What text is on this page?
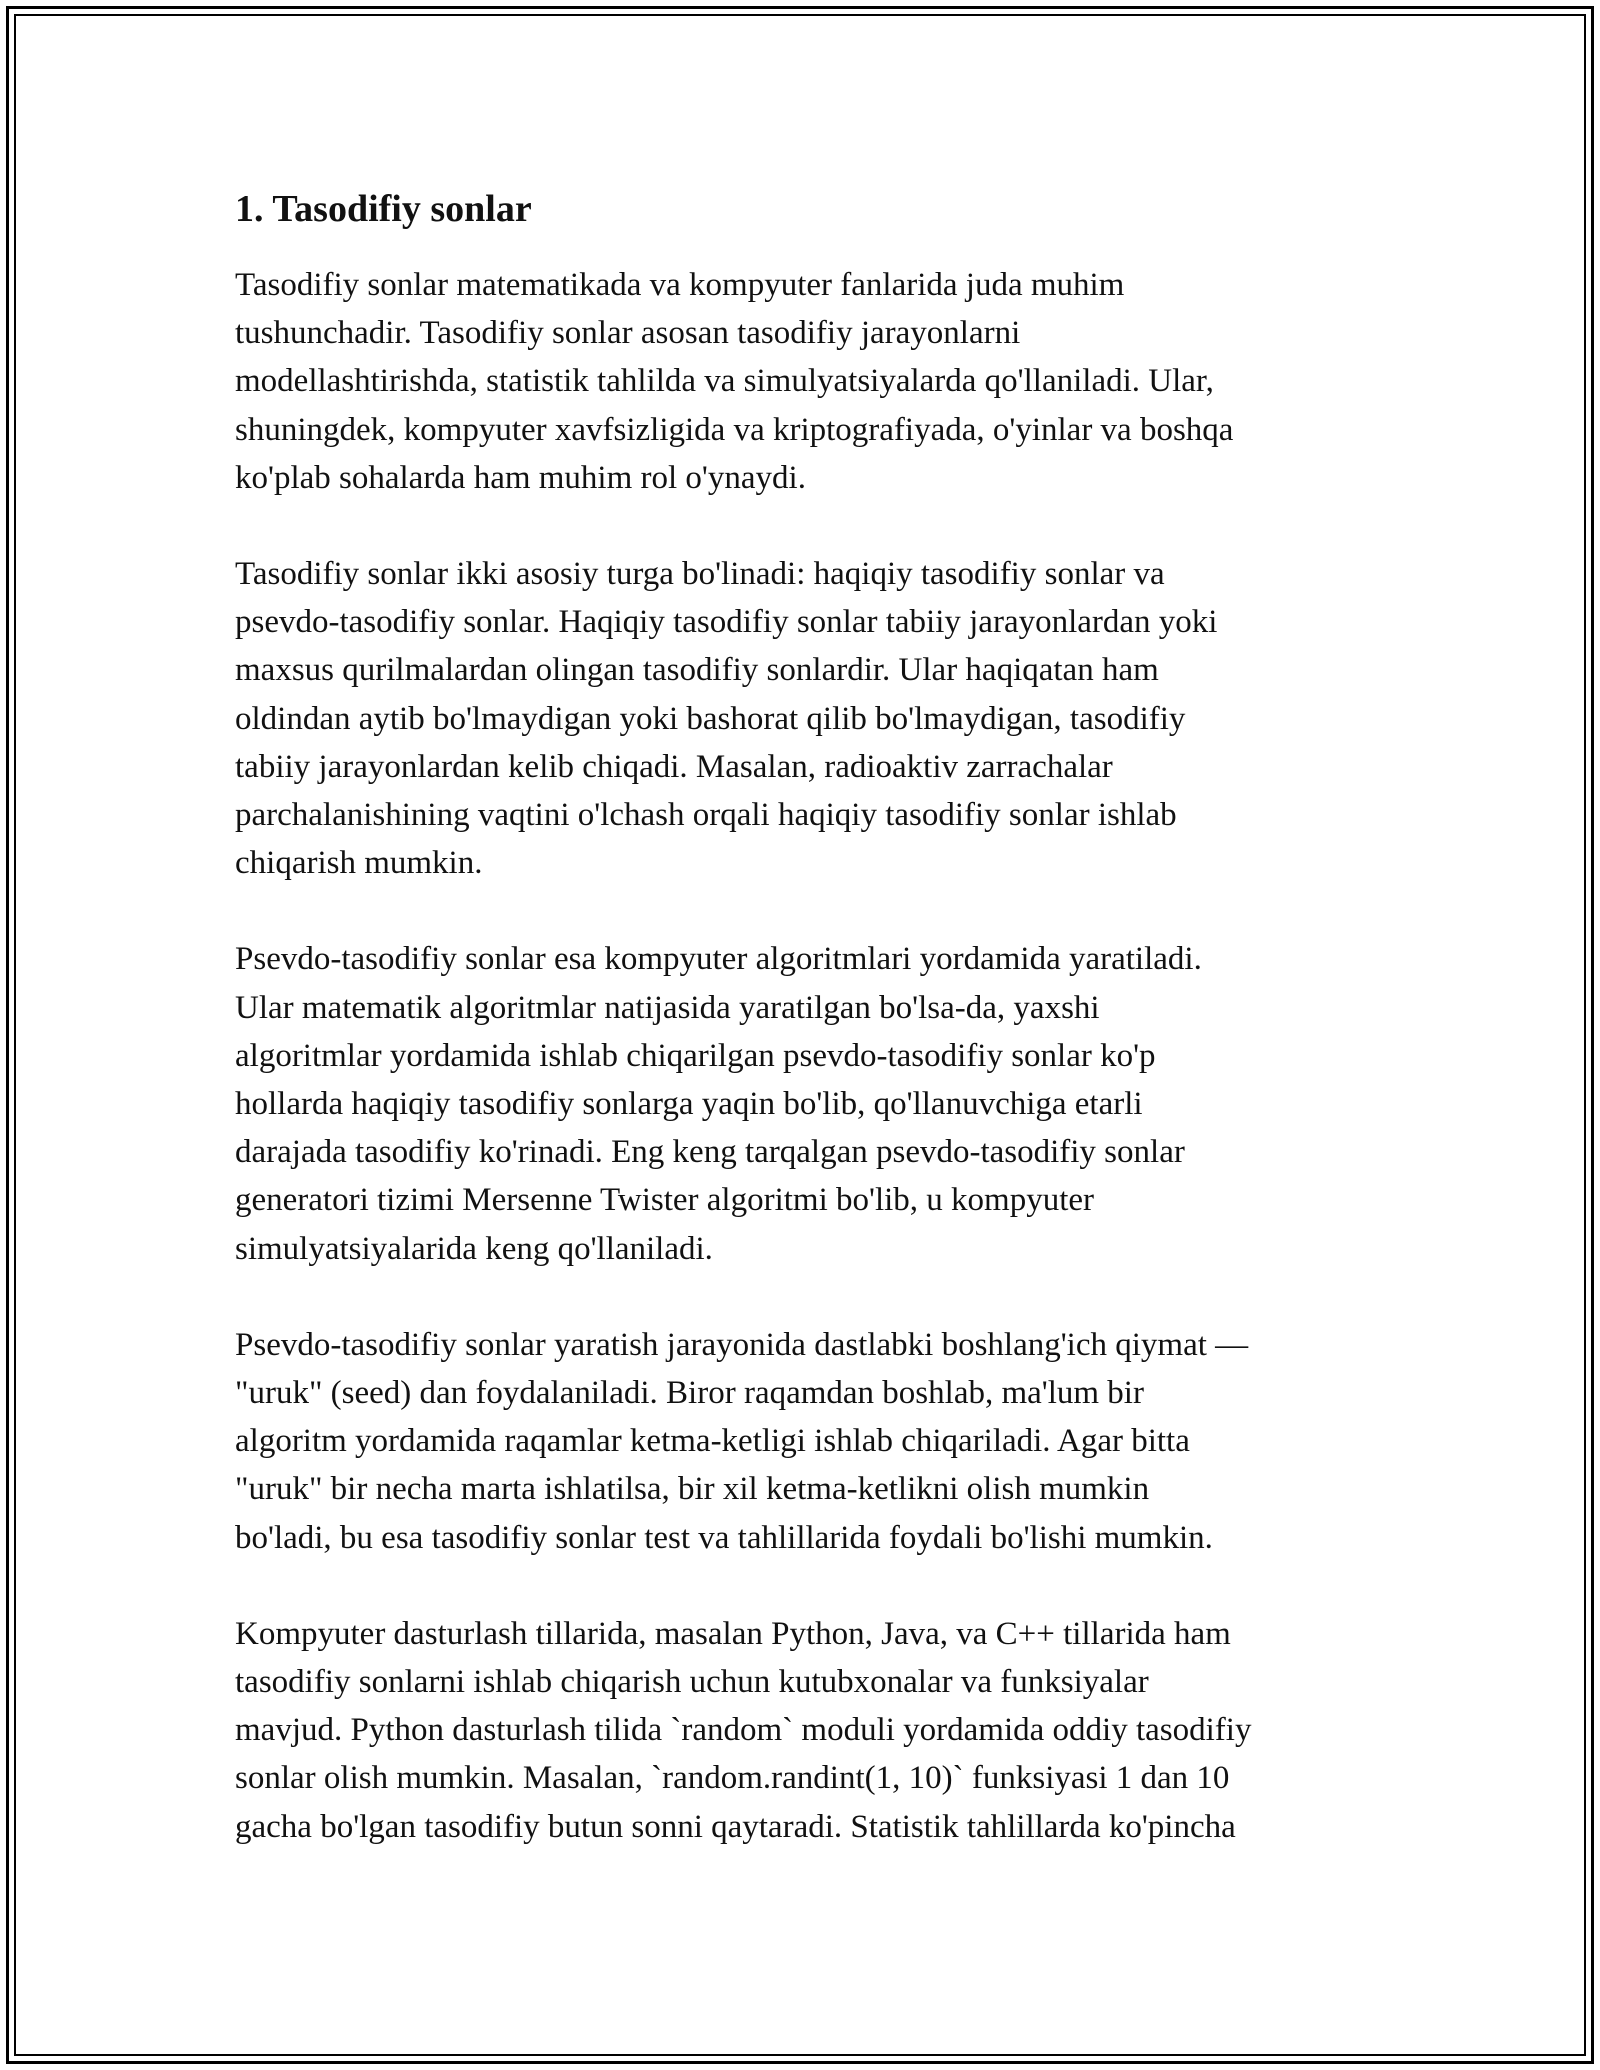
1. Tasodifiy sonlar

Tasodifiy sonlar matematikada va kompyuter fanlarida juda muhim
tushunchadir. Tasodifiy sonlar asosan tasodifiy jarayonlarni
modellashtirishda, statistik tahlilda va simulyatsiyalarda qo'llaniladi. Ular,
shuningdek, kompyuter xavfsizligida va kriptografiyada, o'yinlar va boshqa
ko'plab sohalarda ham muhim rol o'ynaydi.

Tasodifiy sonlar ikki asosiy turga bo'linadi: haqiqiy tasodifiy sonlar va
psevdo-tasodifiy sonlar. Haqiqiy tasodifiy sonlar tabiiy jarayonlardan yoki
maxsus qurilmalardan olingan tasodifiy sonlardir. Ular haqiqatan ham
oldindan aytib bo'lmaydigan yoki bashorat qilib bo'lmaydigan, tasodifiy
tabiiy jarayonlardan kelib chiqadi. Masalan, radioaktiv zarrachalar
parchalanishining vaqtini o'lchash orqali haqiqiy tasodifiy sonlar ishlab
chiqarish mumkin.

Psevdo-tasodifiy sonlar esa kompyuter algoritmlari yordamida yaratiladi.
Ular matematik algoritmlar natijasida yaratilgan bo'lsa-da, yaxshi
algoritmlar yordamida ishlab chiqarilgan psevdo-tasodifiy sonlar ko'p
hollarda haqiqiy tasodifiy sonlarga yaqin bo'lib, qo'llanuvchiga etarli
darajada tasodifiy ko'rinadi. Eng keng tarqalgan psevdo-tasodifiy sonlar
generatori tizimi Mersenne Twister algoritmi bo'lib, u kompyuter
simulyatsiyalarida keng qo'llaniladi.

Psevdo-tasodifiy sonlar yaratish jarayonida dastlabki boshlang'ich qiymat —
"uruk" (seed) dan foydalaniladi. Biror raqamdan boshlab, ma'lum bir
algoritm yordamida raqamlar ketma-ketligi ishlab chiqariladi. Agar bitta
"uruk" bir necha marta ishlatilsa, bir xil ketma-ketlikni olish mumkin
bo'ladi, bu esa tasodifiy sonlar test va tahlillarida foydali bo'lishi mumkin.

Kompyuter dasturlash tillarida, masalan Python, Java, va C++ tillarida ham
tasodifiy sonlarni ishlab chiqarish uchun kutubxonalar va funksiyalar
mavjud. Python dasturlash tilida `random` moduli yordamida oddiy tasodifiy
sonlar olish mumkin. Masalan, `random.randint(1, 10)` funksiyasi 1 dan 10
gacha bo'lgan tasodifiy butun sonni qaytaradi. Statistik tahlillarda ko'pincha
